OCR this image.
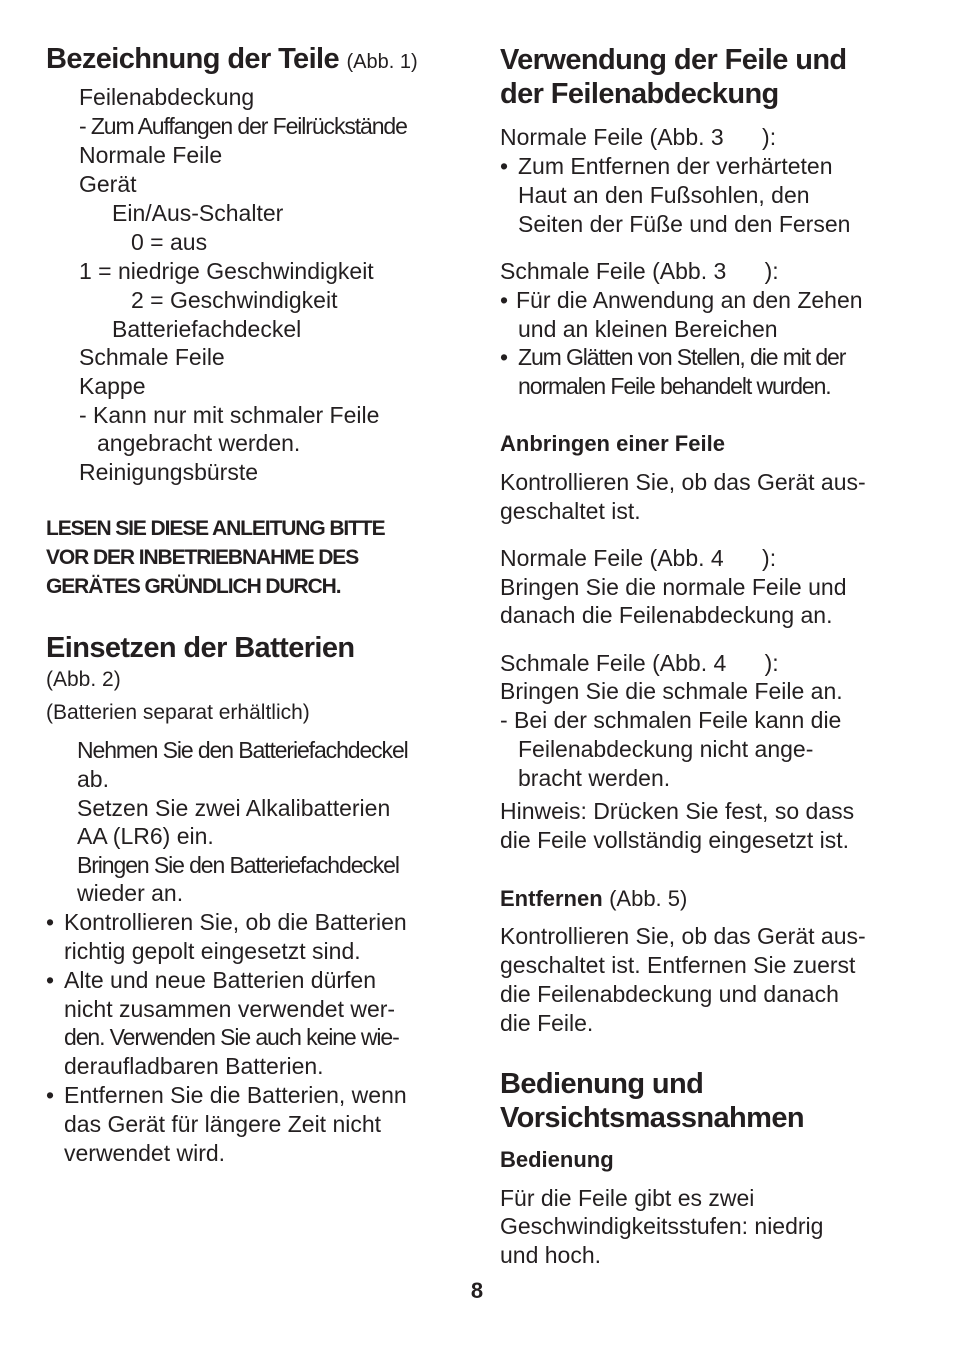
Bezeichnung der Teile (Abb. 1)
Feilenabdeckung
- Zum Auffangen der Feilrückstände
Normale Feile
Gerät
Ein/Aus-Schalter
0 = aus
1 = niedrige Geschwindigkeit
2 = Geschwindigkeit
Batteriefachdeckel
Schmale Feile
Kappe
- Kann nur mit schmaler Feile
angebracht werden.
Reinigungsbürste
LESEN SIE DIESE ANLEITUNG BITTE
VOR DER INBETRIEBNAHME DES
GERÄTES GRÜNDLICH DURCH.
Einsetzen der Batterien
(Abb. 2)
(Batterien separat erhältlich)
Nehmen Sie den Batteriefachdeckel
ab.
Setzen Sie zwei Alkalibatterien
AA (LR6) ein.
Bringen Sie den Batteriefachdeckel
wieder an.
• Kontrollieren Sie, ob die Batterien
richtig gepolt eingesetzt sind.
• Alte und neue Batterien dürfen
nicht zusammen verwendet wer-
den. Verwenden Sie auch keine wie-
deraufladbaren Batterien.
• Entfernen Sie die Batterien, wenn
das Gerät für längere Zeit nicht
verwendet wird.
Verwendung der Feile und
der Feilenabdeckung
Normale Feile (Abb. 3      ):
• Zum Entfernen der verhärteten
Haut an den Fußsohlen, den
Seiten der Füße und den Fersen
Schmale Feile (Abb. 3      ):
• Für die Anwendung an den Zehen
und an kleinen Bereichen
• Zum Glätten von Stellen, die mit der
normalen Feile behandelt wurden.
Anbringen einer Feile
Kontrollieren Sie, ob das Gerät aus-
geschaltet ist.
Normale Feile (Abb. 4      ):
Bringen Sie die normale Feile und
danach die Feilenabdeckung an.
Schmale Feile (Abb. 4      ):
Bringen Sie die schmale Feile an.
- Bei der schmalen Feile kann die
Feilenabdeckung nicht ange-
bracht werden.
Hinweis: Drücken Sie fest, so dass
die Feile vollständig eingesetzt ist.
Entfernen (Abb. 5)
Kontrollieren Sie, ob das Gerät aus-
geschaltet ist. Entfernen Sie zuerst
die Feilenabdeckung und danach
die Feile.
Bedienung und
Vorsichtsmassnahmen
Bedienung
Für die Feile gibt es zwei
Geschwindigkeitsstufen: niedrig
und hoch.
8
